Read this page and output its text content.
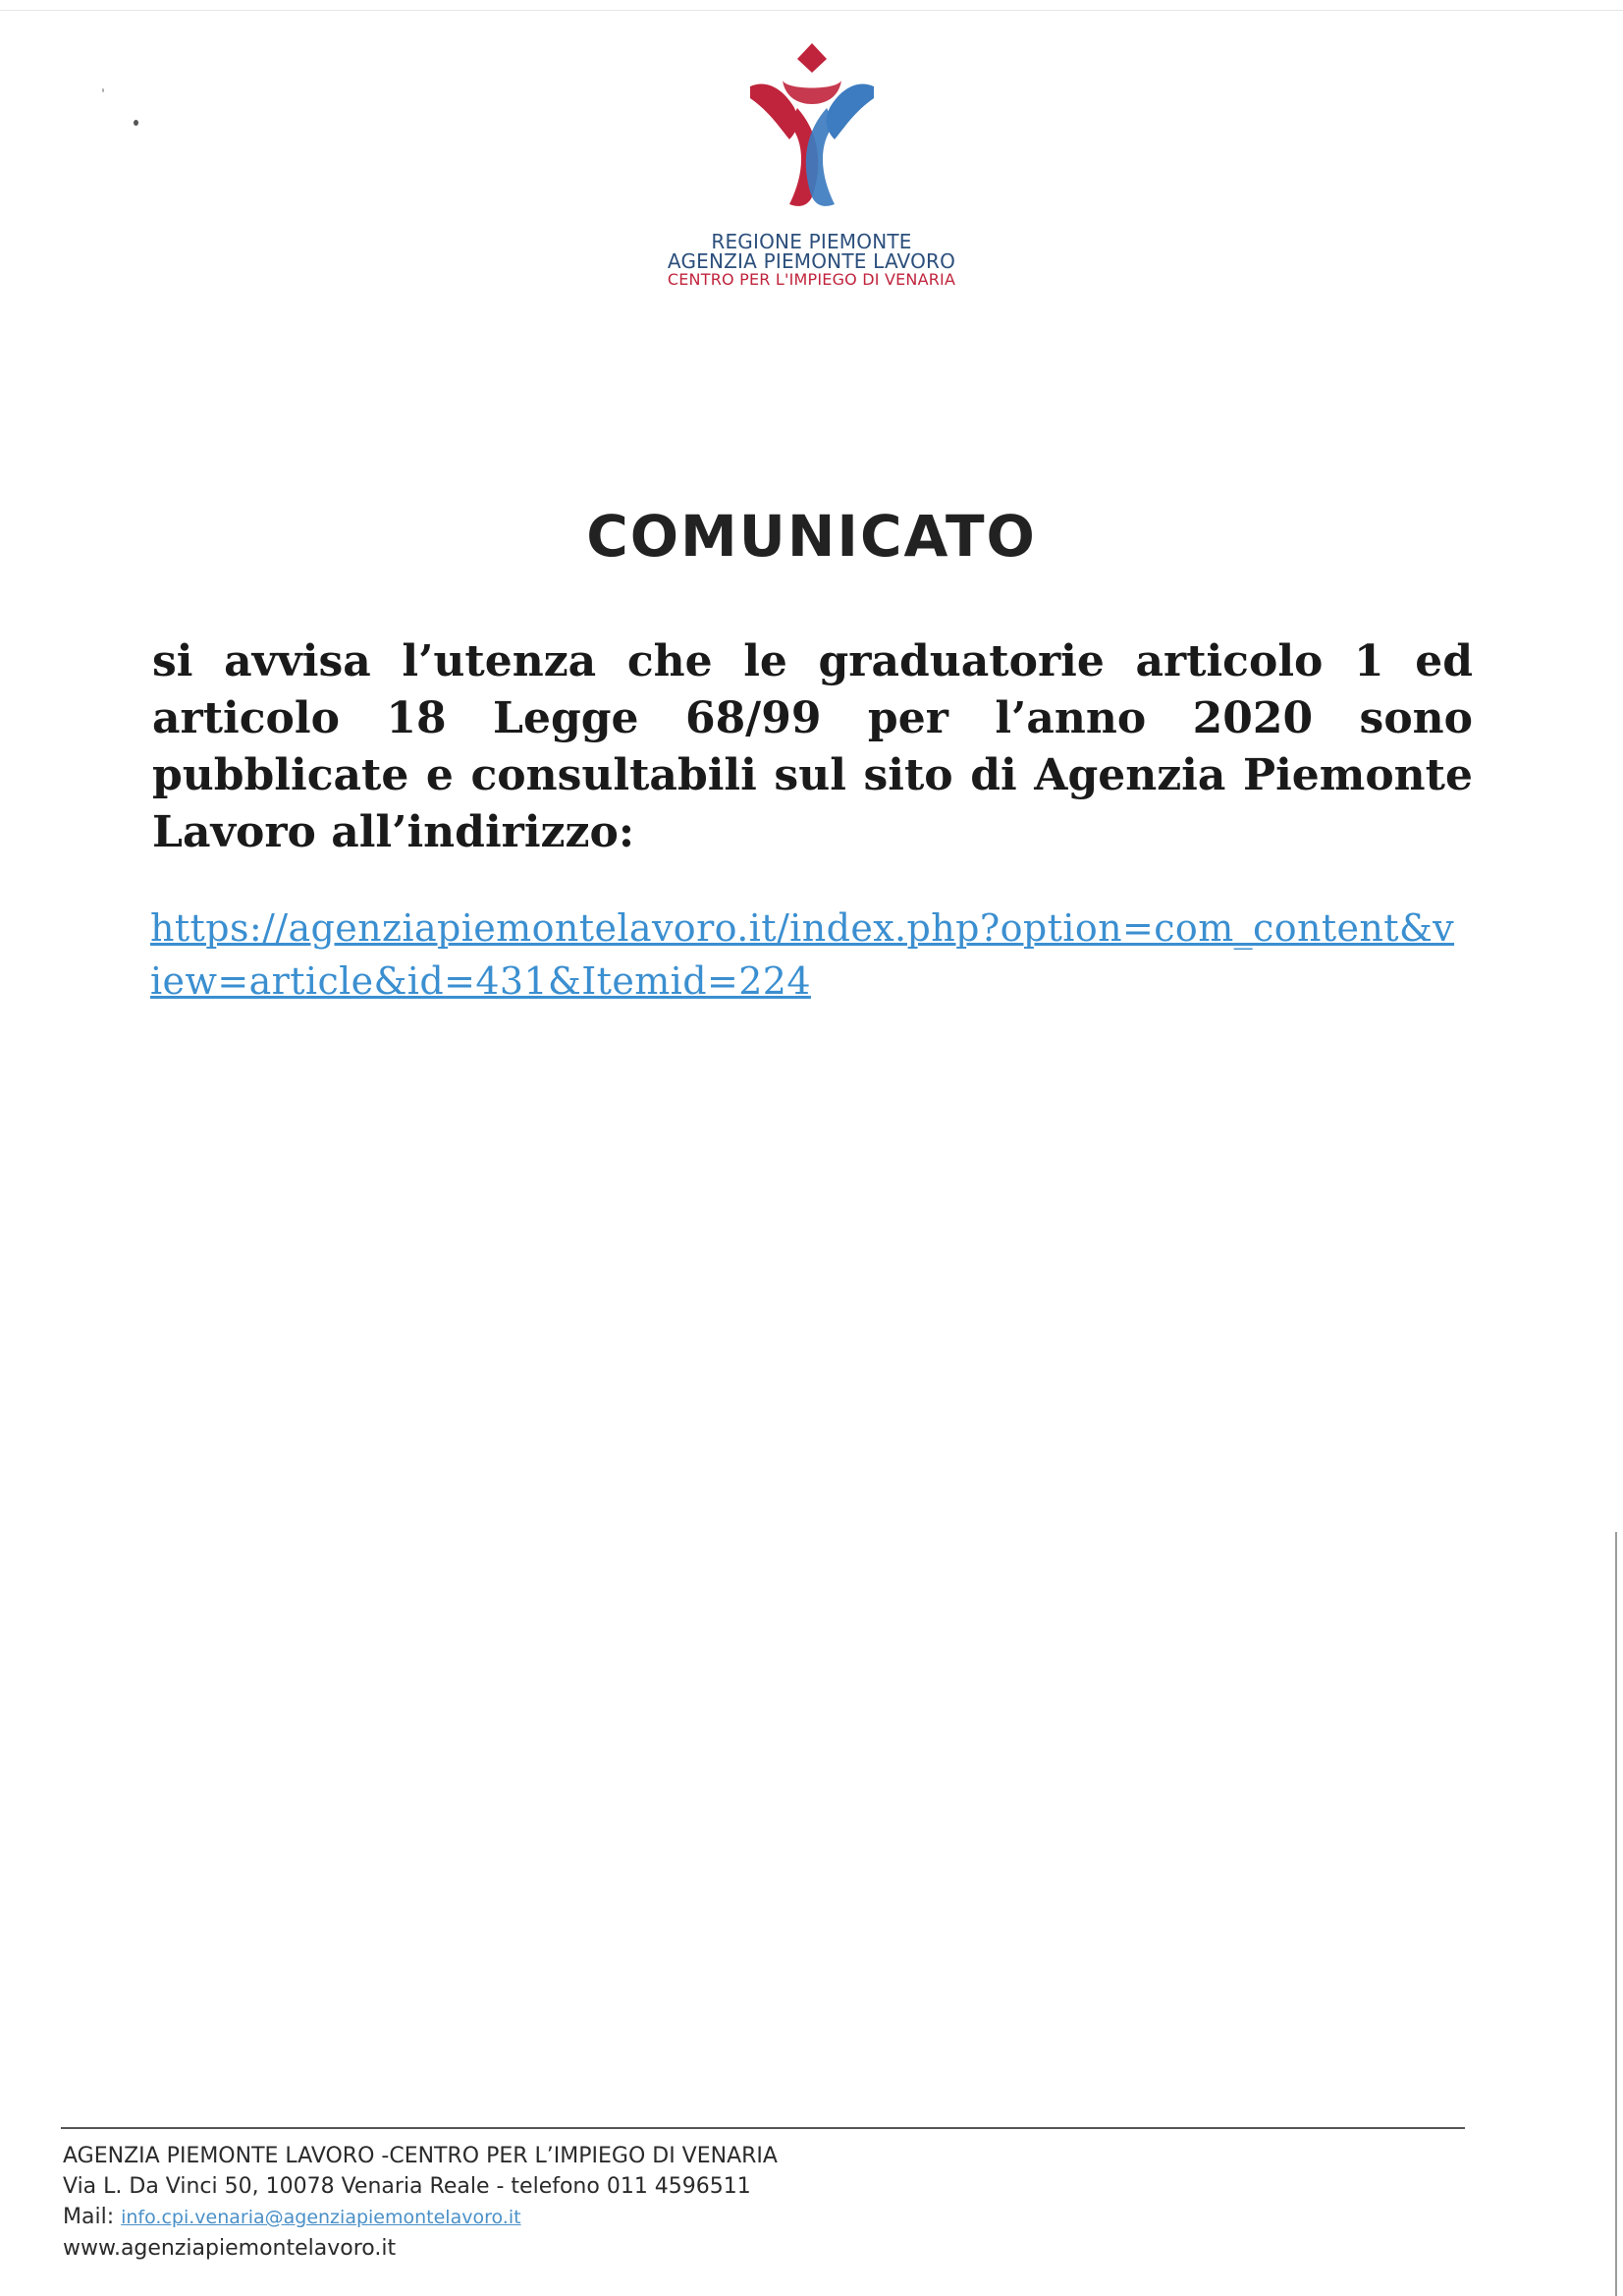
REGIONE PIEMONTE
AGENZIA PIEMONTE LAVORO
CENTRO PER L'IMPIEGO DI VENARIA
COMUNICATO
si avvisa l’utenza che le graduatorie articolo 1 ed articolo 18 Legge 68/99 per l’anno 2020 sono pubblicate e consultabili sul sito di Agenzia Piemonte Lavoro all’indirizzo:
https://agenziapiemontelavoro.it/index.php?option=com_content&view=article&id=431&Itemid=224
AGENZIA PIEMONTE LAVORO -CENTRO PER L’IMPIEGO DI VENARIA
Via L. Da Vinci 50, 10078 Venaria Reale - telefono 011 4596511
Mail: info.cpi.venaria@agenziapiemontelavoro.it
www.agenziapiemontelavoro.it
